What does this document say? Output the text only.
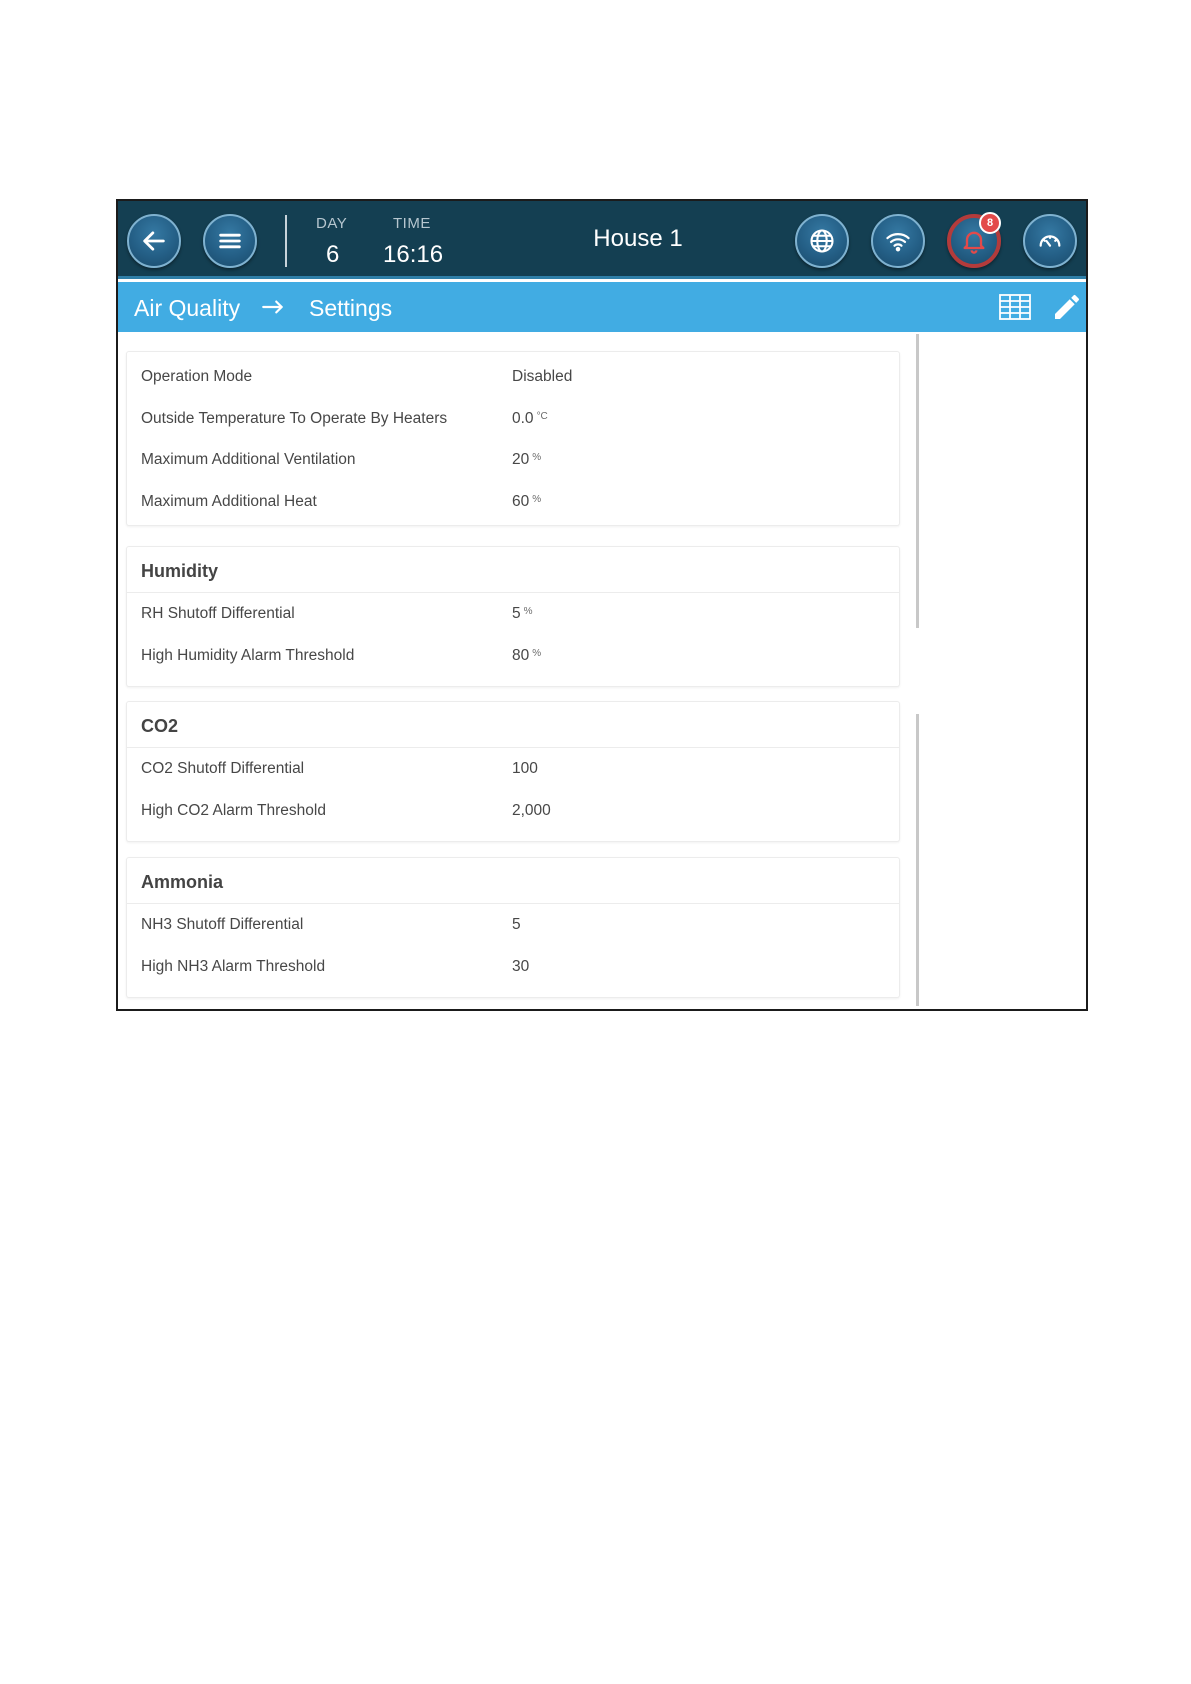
DAY
6
TIME
16:16
House 1
8
Air Quality	Settings
Operation Mode	Disabled
Outside Temperature To Operate By Heaters	0.0 $^{^\circ C}$
Maximum Additional Ventilation	20 %
Maximum Additional Heat	60 %
Humidity
RH Shutoff Differential	5 %
High Humidity Alarm Threshold	80 %
CO2
CO2 Shutoff Differential	100
High CO2 Alarm Threshold	2,000
Ammonia
NH3 Shutoff Differential	5
High NH3 Alarm Threshold	30
